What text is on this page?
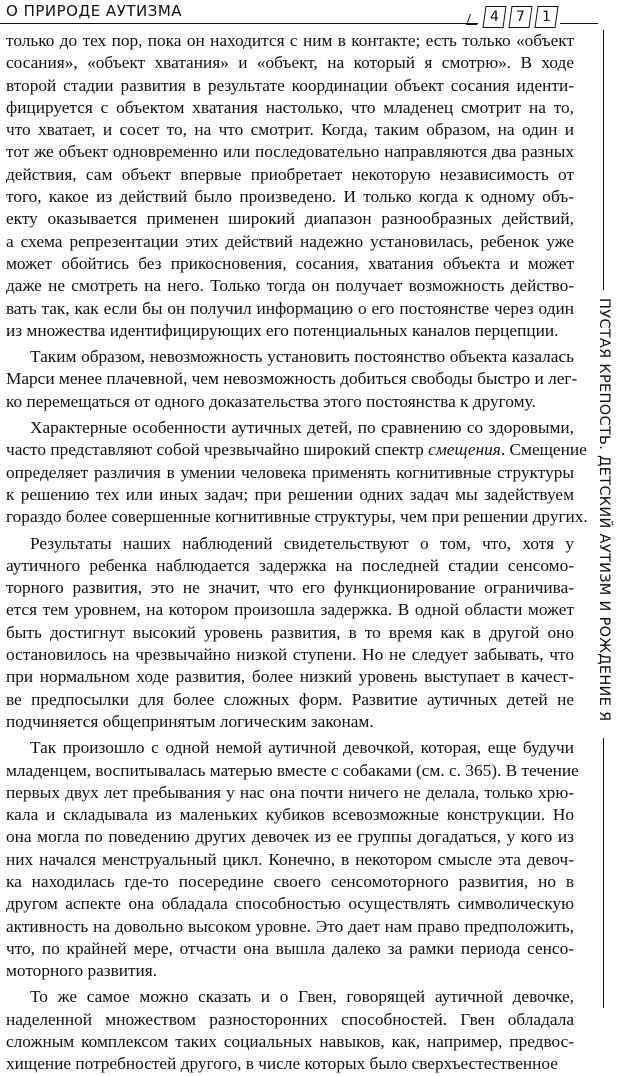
О ПРИРОДЕ АУТИЗМА	4 7 1
ПУСТАЯ КРЕПОСТЬ. ДЕТСКИЙ АУТИЗМ И РОЖДЕНИЕ Я

только до тех пор, пока он находится с ним в контакте; есть только «объект
сосания», «объект хватания» и «объект, на который я смотрю». В ходе
второй стадии развития в результате координации объект сосания иденти-
фицируется с объектом хватания настолько, что младенец смотрит на то,
что хватает, и сосет то, на что смотрит. Когда, таким образом, на один и
тот же объект одновременно или последовательно направляются два разных
действия, сам объект впервые приобретает некоторую независимость от
того, какое из действий было произведено. И только когда к одному объ-
екту оказывается применен широкий диапазон разнообразных действий,
а схема репрезентации этих действий надежно установилась, ребенок уже
может обойтись без прикосновения, сосания, хватания объекта и может
даже не смотреть на него. Только тогда он получает возможность действо-
вать так, как если бы он получил информацию о его постоянстве через один
из множества идентифицирующих его потенциальных каналов перцепции.

Таким образом, невозможность установить постоянство объекта казалась
Марси менее плачевной, чем невозможность добиться свободы быстро и лег-
ко перемещаться от одного доказательства этого постоянства к другому.

Характерные особенности аутичных детей, по сравнению со здоровыми,
часто представляют собой чрезвычайно широкий спектр смещения. Смещение
определяет различия в умении человека применять когнитивные структуры
к решению тех или иных задач; при решении одних задач мы задействуем
гораздо более совершенные когнитивные структуры, чем при решении других.

Результаты наших наблюдений свидетельствуют о том, что, хотя у
аутичного ребенка наблюдается задержка на последней стадии сенсомо-
торного развития, это не значит, что его функционирование ограничива-
ется тем уровнем, на котором произошла задержка. В одной области может
быть достигнут высокий уровень развития, в то время как в другой оно
остановилось на чрезвычайно низкой ступени. Но не следует забывать, что
при нормальном ходе развития, более низкий уровень выступает в качест-
ве предпосылки для более сложных форм. Развитие аутичных детей не
подчиняется общепринятым логическим законам.

Так произошло с одной немой аутичной девочкой, которая, еще будучи
младенцем, воспитывалась матерью вместе с собаками (см. с. 365). В течение
первых двух лет пребывания у нас она почти ничего не делала, только хрю-
кала и складывала из маленьких кубиков всевозможные конструкции. Но
она могла по поведению других девочек из ее группы догадаться, у кого из
них начался менструальный цикл. Конечно, в некотором смысле эта девоч-
ка находилась где-то посередине своего сенсомоторного развития, но в
другом аспекте она обладала способностью осуществлять символическую
активность на довольно высоком уровне. Это дает нам право предположить,
что, по крайней мере, отчасти она вышла далеко за рамки периода сенсо-
моторного развития.

То же самое можно сказать и о Гвен, говорящей аутичной девочке,
наделенной множеством разносторонних способностей. Гвен обладала
сложным комплексом таких социальных навыков, как, например, предвос-
хищение потребностей другого, в числе которых было сверхъестественное
